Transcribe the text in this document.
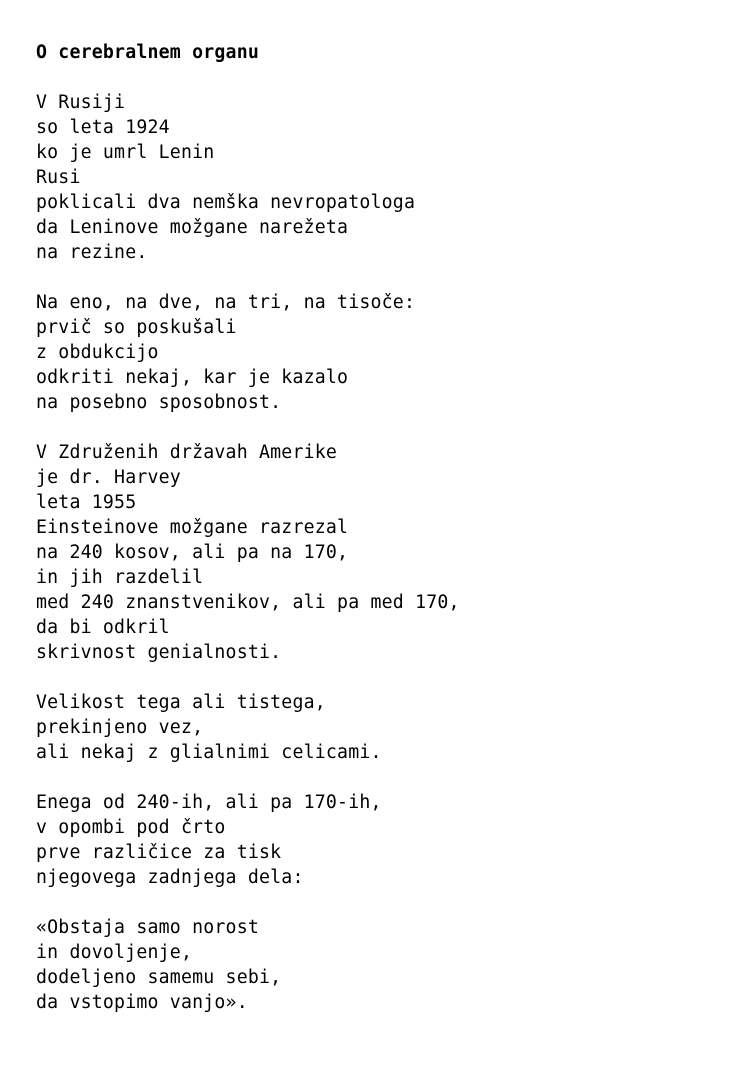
O cerebralnem organu
V Rusiji
so leta 1924
ko je umrl Lenin
Rusi
poklicali dva nemška nevropatologa
da Leninove možgane narežeta
na rezine.
Na eno, na dve, na tri, na tisoče:
prvič so poskušali
z obdukcijo
odkriti nekaj, kar je kazalo
na posebno sposobnost.
V Združenih državah Amerike
je dr. Harvey
leta 1955
Einsteinove možgane razrezal
na 240 kosov, ali pa na 170,
in jih razdelil
med 240 znanstvenikov, ali pa med 170,
da bi odkril
skrivnost genialnosti.
Velikost tega ali tistega,
prekinjeno vez,
ali nekaj z glialnimi celicami.
Enega od 240-ih, ali pa 170-ih,
v opombi pod črto
prve različice za tisk
njegovega zadnjega dela:
«Obstaja samo norost
in dovoljenje,
dodeljeno samemu sebi,
da vstopimo vanjo».
